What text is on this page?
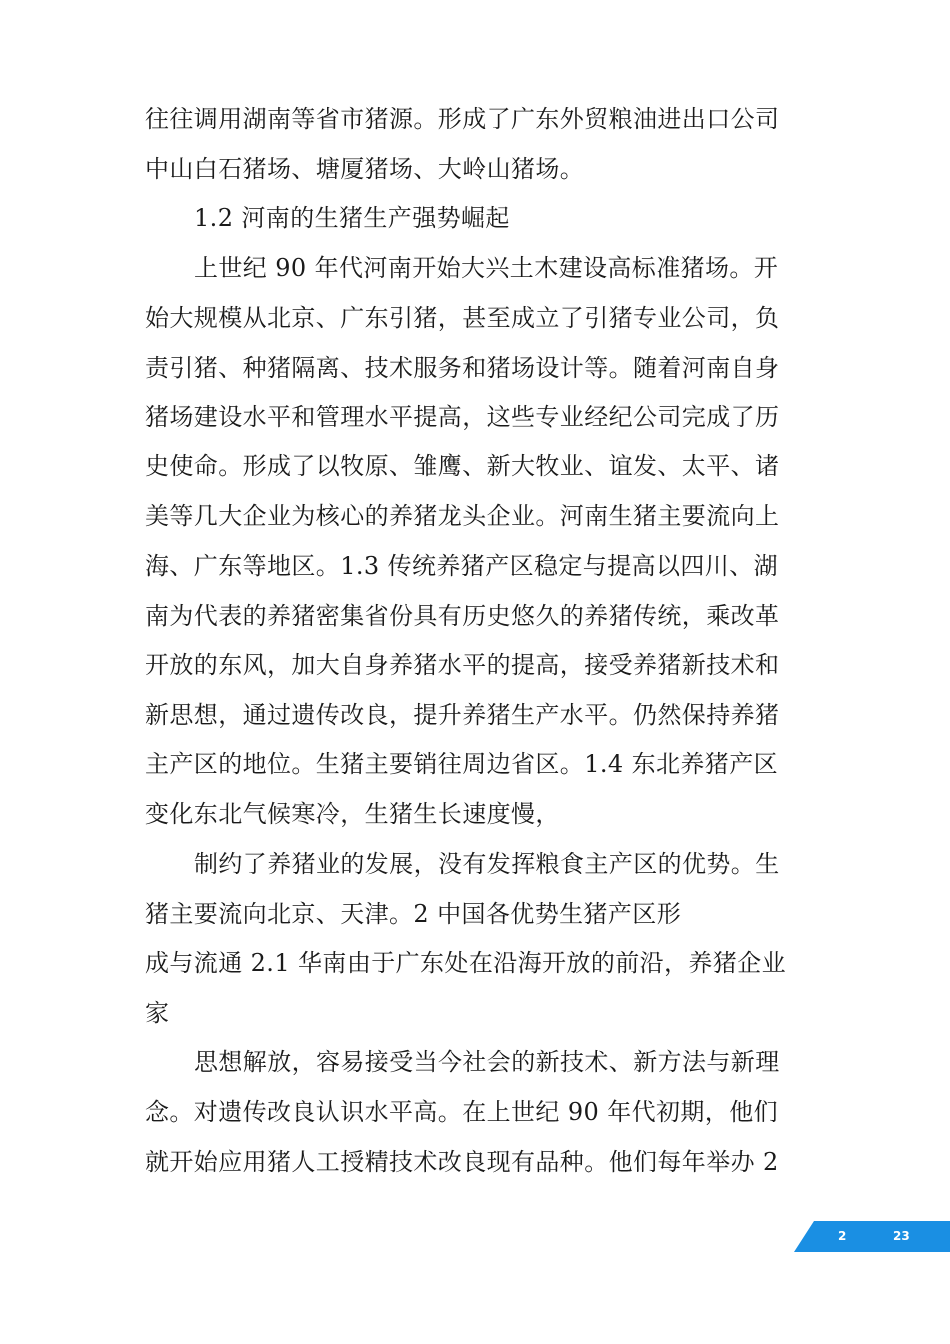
往往调用湖南等省市猪源。形成了广东外贸粮油进出口公司
中山白石猪场、塘厦猪场、大岭山猪场。
1.2 河南的生猪生产强势崛起
上世纪 90 年代河南开始大兴土木建设高标准猪场。开
始大规模从北京、广东引猪，甚至成立了引猪专业公司，负
责引猪、种猪隔离、技术服务和猪场设计等。随着河南自身
猪场建设水平和管理水平提高，这些专业经纪公司完成了历
史使命。形成了以牧原、雏鹰、新大牧业、谊发、太平、诸
美等几大企业为核心的养猪龙头企业。河南生猪主要流向上
海、广东等地区。1.3 传统养猪产区稳定与提高以四川、湖
南为代表的养猪密集省份具有历史悠久的养猪传统，乘改革
开放的东风，加大自身养猪水平的提高，接受养猪新技术和
新思想，通过遗传改良，提升养猪生产水平。仍然保持养猪
主产区的地位。生猪主要销往周边省区。1.4 东北养猪产区
变化东北气候寒冷，生猪生长速度慢，
制约了养猪业的发展，没有发挥粮食主产区的优势。生
猪主要流向北京、天津。2 中国各优势生猪产区形
成与流通 2.1 华南由于广东处在沿海开放的前沿，养猪企业
家
思想解放，容易接受当今社会的新技术、新方法与新理
念。对遗传改良认识水平高。在上世纪 90 年代初期，他们
就开始应用猪人工授精技术改良现有品种。他们每年举办 2
2	23
